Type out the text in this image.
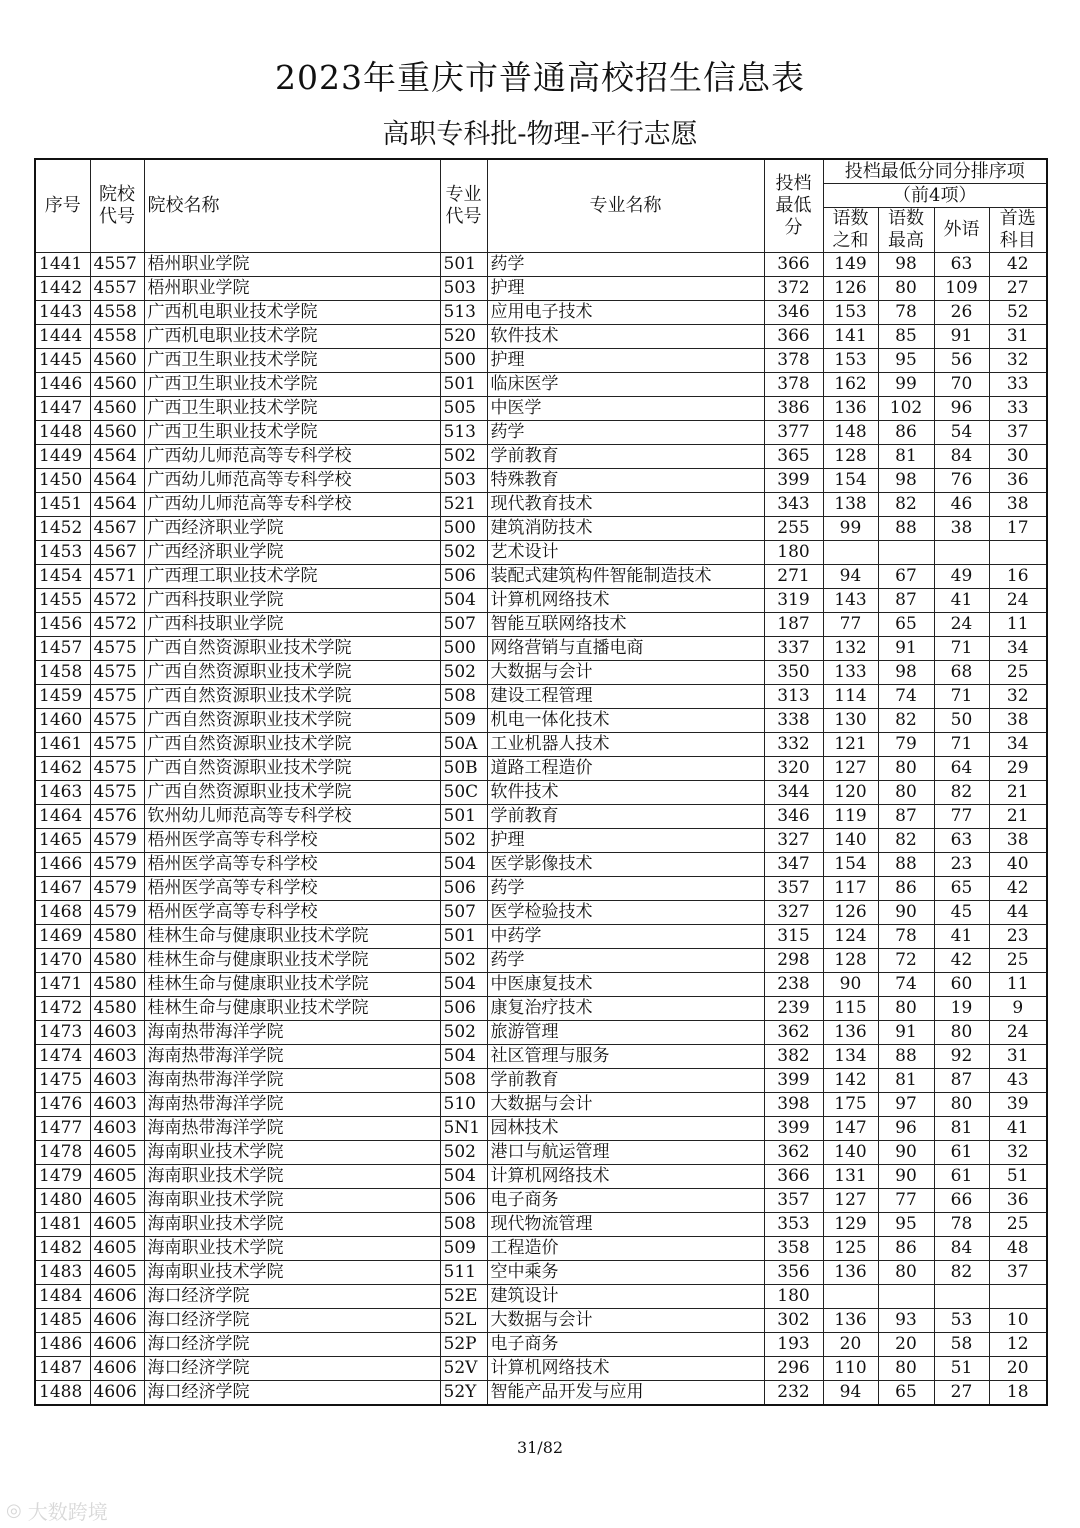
2023年重庆市普通高校招生信息表
高职专科批-物理-平行志愿
序号	院校代号	院校名称	专业代号	专业名称	投档最低分	投档最低分同分排序项			
						（前4项）			
						语数之和	语数最高	外语	首选科目
1441	4557	梧州职业学院	501	药学	366	149	98	63	42
1442	4557	梧州职业学院	503	护理	372	126	80	109	27
1443	4558	广西机电职业技术学院	513	应用电子技术	346	153	78	26	52
1444	4558	广西机电职业技术学院	520	软件技术	366	141	85	91	31
1445	4560	广西卫生职业技术学院	500	护理	378	153	95	56	32
1446	4560	广西卫生职业技术学院	501	临床医学	378	162	99	70	33
1447	4560	广西卫生职业技术学院	505	中医学	386	136	102	96	33
1448	4560	广西卫生职业技术学院	513	药学	377	148	86	54	37
1449	4564	广西幼儿师范高等专科学校	502	学前教育	365	128	81	84	30
1450	4564	广西幼儿师范高等专科学校	503	特殊教育	399	154	98	76	36
1451	4564	广西幼儿师范高等专科学校	521	现代教育技术	343	138	82	46	38
1452	4567	广西经济职业学院	500	建筑消防技术	255	99	88	38	17
1453	4567	广西经济职业学院	502	艺术设计	180				
1454	4571	广西理工职业技术学院	506	装配式建筑构件智能制造技术	271	94	67	49	16
1455	4572	广西科技职业学院	504	计算机网络技术	319	143	87	41	24
1456	4572	广西科技职业学院	507	智能互联网络技术	187	77	65	24	11
1457	4575	广西自然资源职业技术学院	500	网络营销与直播电商	337	132	91	71	34
1458	4575	广西自然资源职业技术学院	502	大数据与会计	350	133	98	68	25
1459	4575	广西自然资源职业技术学院	508	建设工程管理	313	114	74	71	32
1460	4575	广西自然资源职业技术学院	509	机电一体化技术	338	130	82	50	38
1461	4575	广西自然资源职业技术学院	50A	工业机器人技术	332	121	79	71	34
1462	4575	广西自然资源职业技术学院	50B	道路工程造价	320	127	80	64	29
1463	4575	广西自然资源职业技术学院	50C	软件技术	344	120	80	82	21
1464	4576	钦州幼儿师范高等专科学校	501	学前教育	346	119	87	77	21
1465	4579	梧州医学高等专科学校	502	护理	327	140	82	63	38
1466	4579	梧州医学高等专科学校	504	医学影像技术	347	154	88	23	40
1467	4579	梧州医学高等专科学校	506	药学	357	117	86	65	42
1468	4579	梧州医学高等专科学校	507	医学检验技术	327	126	90	45	44
1469	4580	桂林生命与健康职业技术学院	501	中药学	315	124	78	41	23
1470	4580	桂林生命与健康职业技术学院	502	药学	298	128	72	42	25
1471	4580	桂林生命与健康职业技术学院	504	中医康复技术	238	90	74	60	11
1472	4580	桂林生命与健康职业技术学院	506	康复治疗技术	239	115	80	19	9
1473	4603	海南热带海洋学院	502	旅游管理	362	136	91	80	24
1474	4603	海南热带海洋学院	504	社区管理与服务	382	134	88	92	31
1475	4603	海南热带海洋学院	508	学前教育	399	142	81	87	43
1476	4603	海南热带海洋学院	510	大数据与会计	398	175	97	80	39
1477	4603	海南热带海洋学院	5N1	园林技术	399	147	96	81	41
1478	4605	海南职业技术学院	502	港口与航运管理	362	140	90	61	32
1479	4605	海南职业技术学院	504	计算机网络技术	366	131	90	61	51
1480	4605	海南职业技术学院	506	电子商务	357	127	77	66	36
1481	4605	海南职业技术学院	508	现代物流管理	353	129	95	78	25
1482	4605	海南职业技术学院	509	工程造价	358	125	86	84	48
1483	4605	海南职业技术学院	511	空中乘务	356	136	80	82	37
1484	4606	海口经济学院	52E	建筑设计	180				
1485	4606	海口经济学院	52L	大数据与会计	302	136	93	53	10
1486	4606	海口经济学院	52P	电子商务	193	20	20	58	12
1487	4606	海口经济学院	52V	计算机网络技术	296	110	80	51	20
1488	4606	海口经济学院	52Y	智能产品开发与应用	232	94	65	27	18
31/82
◎ 大数跨境
